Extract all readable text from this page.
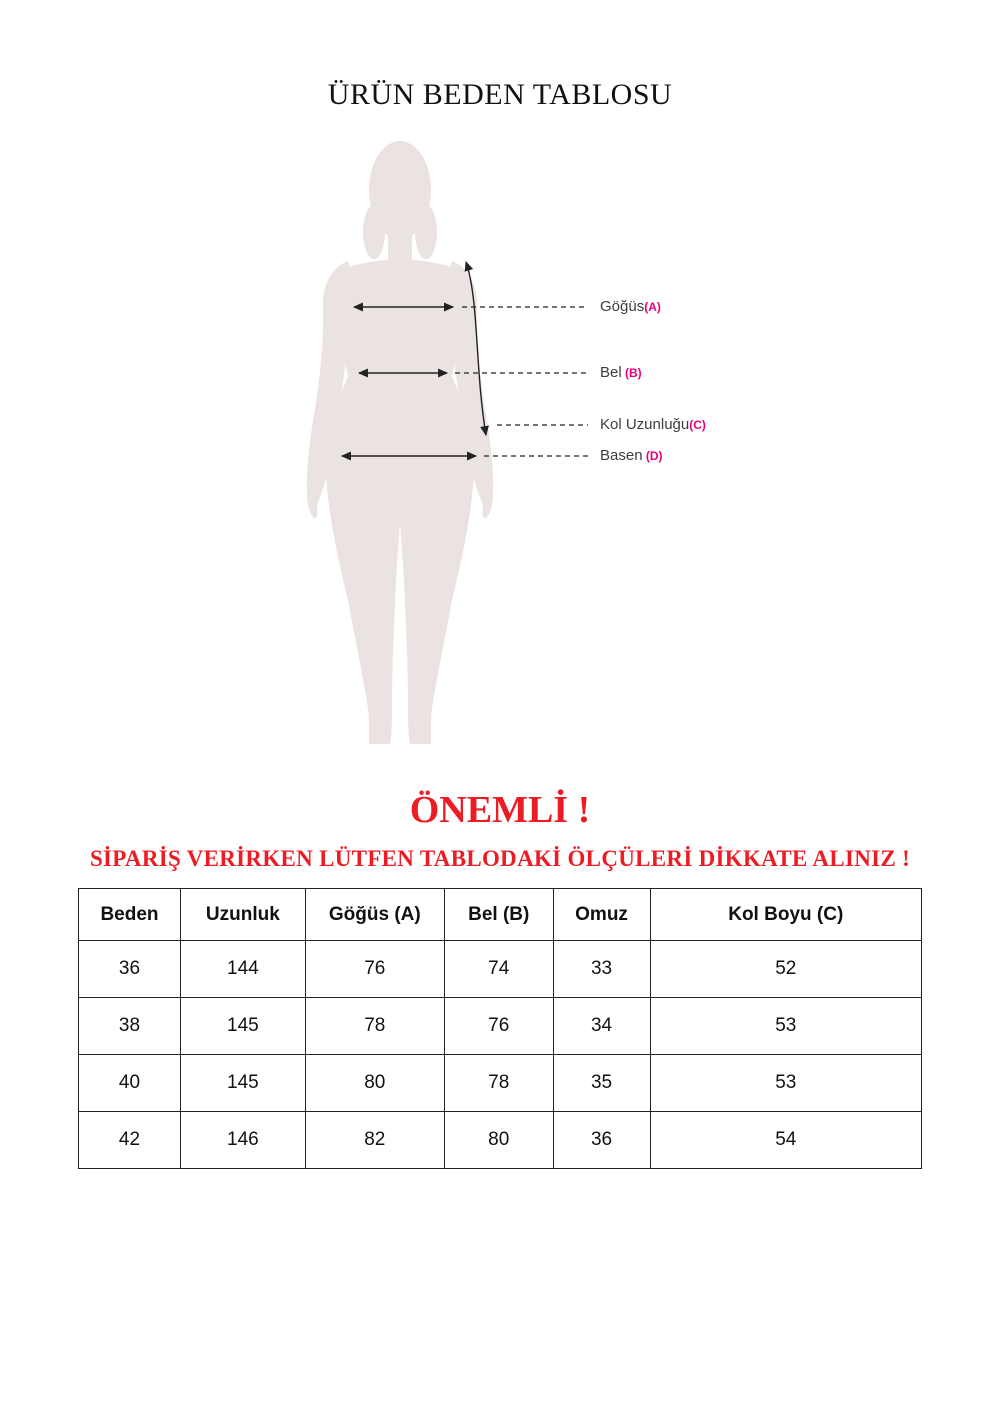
ÜRÜN BEDEN TABLOSU
Göğüs(A)
Bel (B)
Kol Uzunluğu(C)
Basen (D)
ÖNEMLİ !
SİPARİŞ VERİRKEN LÜTFEN TABLODAKİ ÖLÇÜLERİ DİKKATE ALINIZ !
Beden	Uzunluk	Göğüs (A)	Bel (B)	Omuz	Kol Boyu (C)
36	144	76	74	33	52
38	145	78	76	34	53
40	145	80	78	35	53
42	146	82	80	36	54
